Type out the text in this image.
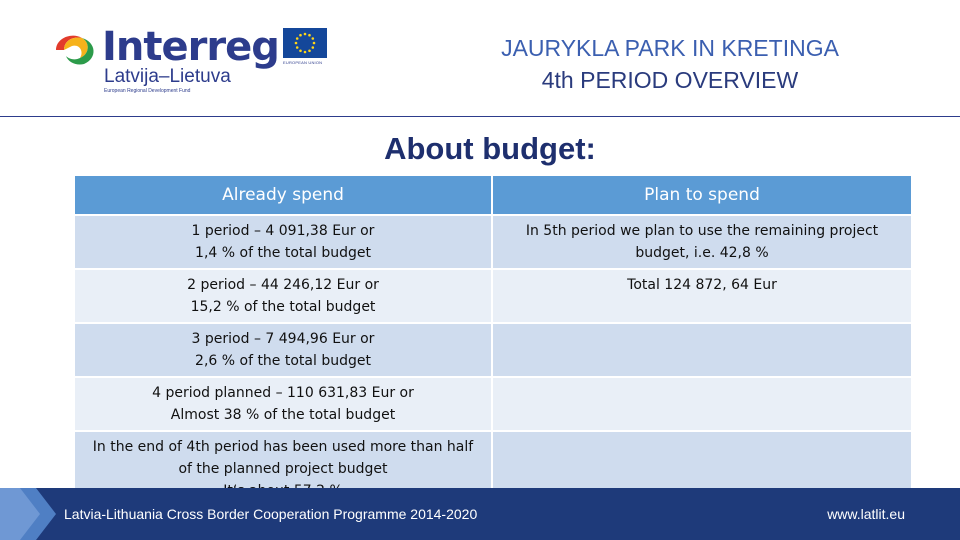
Interreg
Latvija–Lietuva
European Regional Development Fund
EUROPEAN UNION
JAURYKLA PARK IN KRETINGA
4th PERIOD OVERVIEW
About budget:
Already spend	Plan to spend
1 period – 4 091,38 Eur or
1,4 % of the total budget	In 5th period we plan to use the remaining project
budget, i.e. 42,8 %
2 period – 44 246,12 Eur or
15,2 % of the total budget	Total 124 872, 64 Eur
3 period – 7 494,96 Eur or
2,6 % of the total budget	
4 period planned – 110 631,83 Eur or
Almost 38 % of the total budget	
In the end of 4th period has been used more than half
of the planned project budget

Latvia-Lithuania Cross Border Cooperation Programme 2014-2020	www.latlit.eu
